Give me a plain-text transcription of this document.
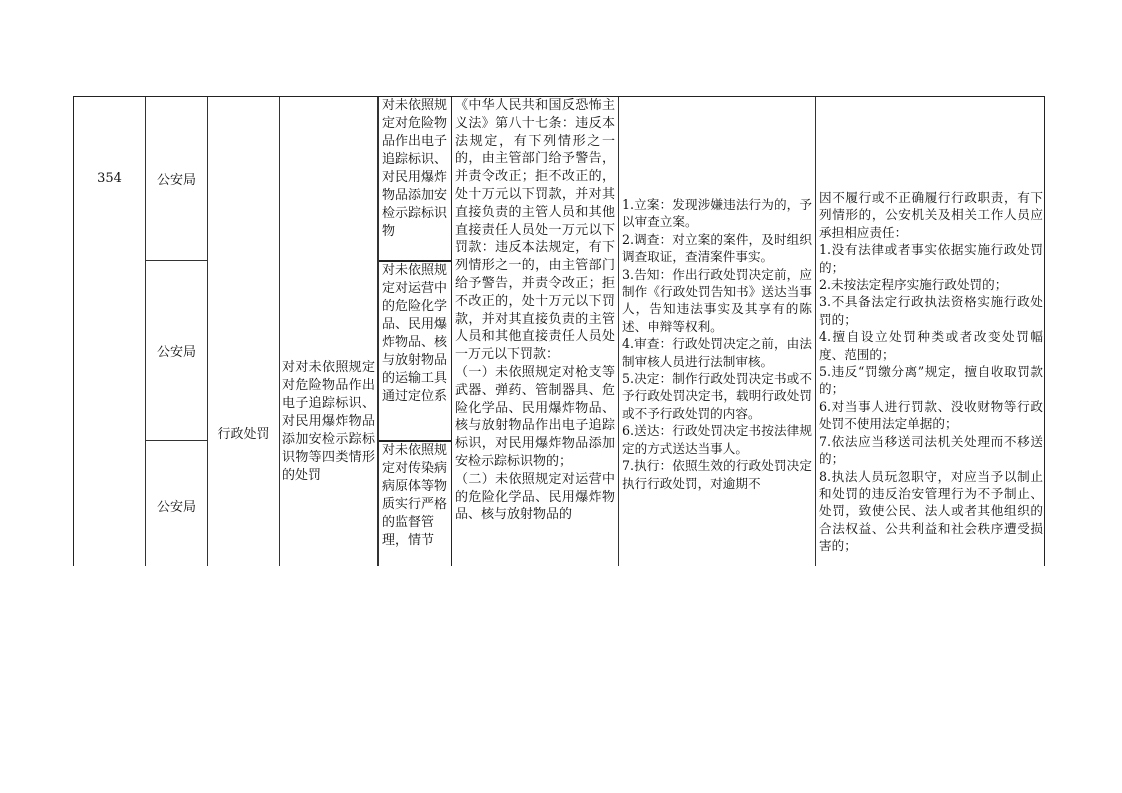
354	公安局
公安局
公安局
行政处罚
对对未依照规定对危险物品作出电子追踪标识、对民用爆炸物品添加安检示踪标识物等四类情形的处罚
对未依照规定对危险物品作出电子追踪标识、对民用爆炸物品添加安检示踪标识物
对未依照规定对运营中的危险化学品、民用爆炸物品、核与放射物品的运输工具通过定位系
对未依照规定对传染病病原体等物质实行严格的监督管理，情节

《中华人民共和国反恐怖主义法》第八十七条：违反本法规定，有下列情形之一的，由主管部门给予警告，并责令改正；拒不改正的，处十万元以下罚款，并对其直接负责的主管人员和其他直接责任人员处一万元以下罚款：违反本法规定，有下列情形之一的，由主管部门给予警告，并责令改正；拒不改正的，处十万元以下罚款，并对其直接负责的主管人员和其他直接责任人员处一万元以下罚款：

（一）未依照规定对枪支等武器、弹药、管制器具、危险化学品、民用爆炸物品、核与放射物品作出电子追踪标识，对民用爆炸物品添加安检示踪标识物的；

（二）未依照规定对运营中的危险化学品、民用爆炸物品、核与放射物品的

1.立案：发现涉嫌违法行为的，予以审查立案。

2.调查：对立案的案件，及时组织调查取证，查清案件事实。

3.告知：作出行政处罚决定前，应制作《行政处罚告知书》送达当事人，告知违法事实及其享有的陈述、申辩等权利。

4.审查：行政处罚决定之前，由法制审核人员进行法制审核。

5.决定：制作行政处罚决定书或不予行政处罚决定书，载明行政处罚或不予行政处罚的内容。

6.送达：行政处罚决定书按法律规定的方式送达当事人。

7.执行：依照生效的行政处罚决定执行行政处罚，对逾期不

因不履行或不正确履行行政职责，有下列情形的，公安机关及相关工作人员应承担相应责任：

1.没有法律或者事实依据实施行政处罚的；

2.未按法定程序实施行政处罚的；

3.不具备法定行政执法资格实施行政处罚的；

4.擅自设立处罚种类或者改变处罚幅度、范围的；

5.违反“罚缴分离”规定，擅自收取罚款的；

6.对当事人进行罚款、没收财物等行政处罚不使用法定单据的；

7.依法应当移送司法机关处理而不移送的；

8.执法人员玩忽职守，对应当予以制止和处罚的违反治安管理行为不予制止、处罚，致使公民、法人或者其他组织的合法权益、公共利益和社会秩序遭受损害的；
